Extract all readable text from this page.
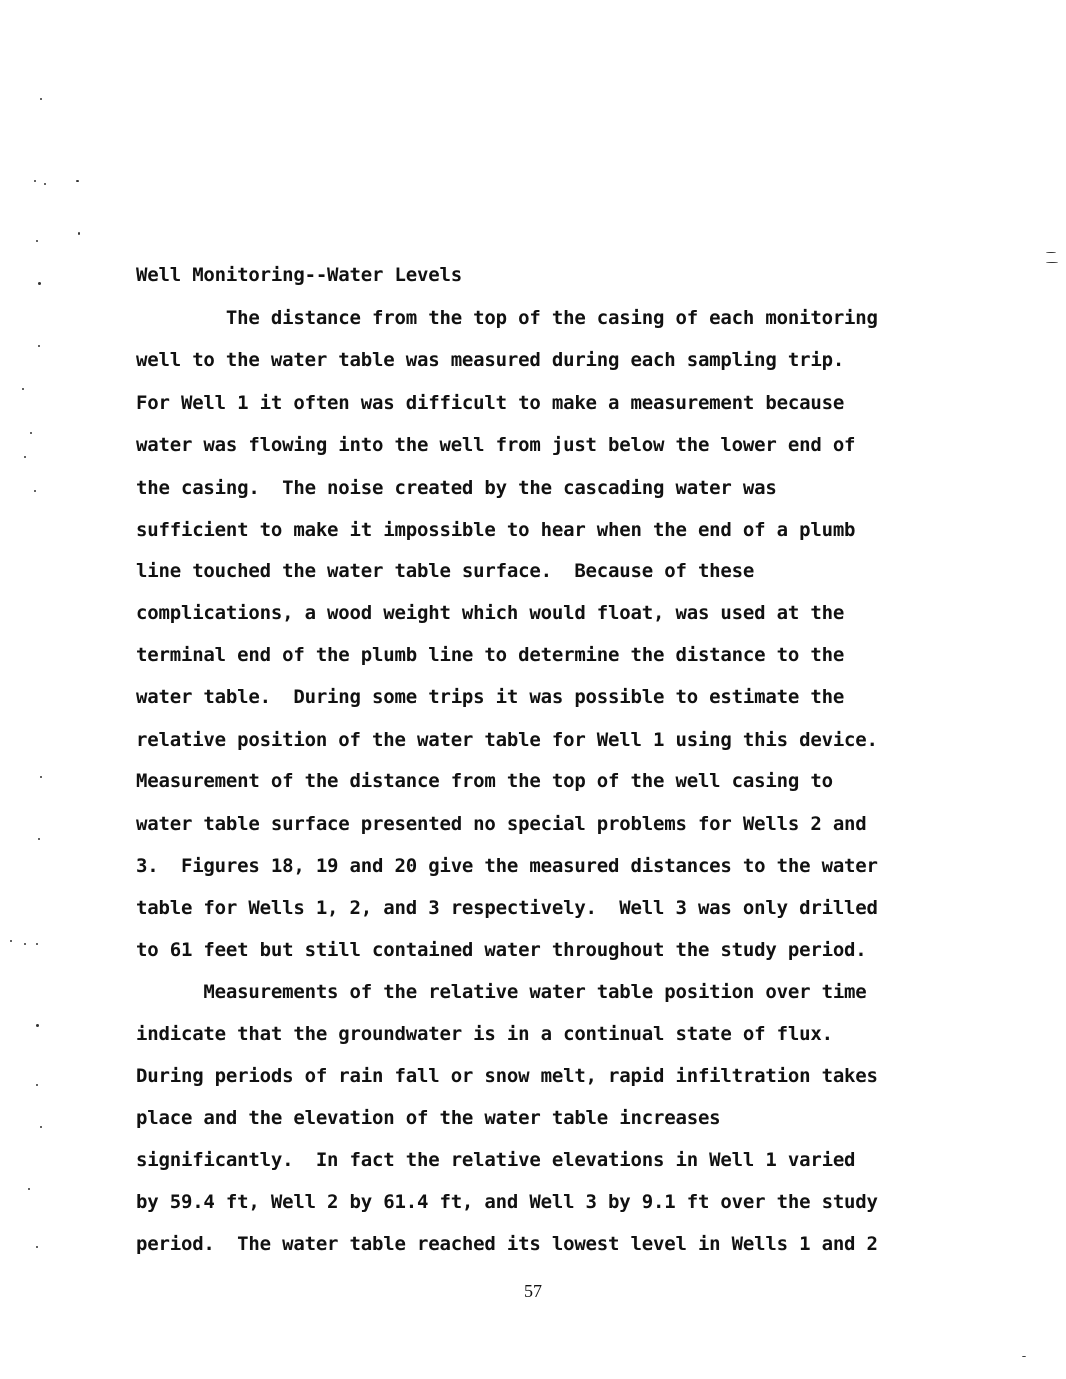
Well Monitoring--Water Levels
The distance from the top of the casing of each monitoring
well to the water table was measured during each sampling trip.
For Well 1 it often was difficult to make a measurement because
water was flowing into the well from just below the lower end of
the casing.  The noise created by the cascading water was
sufficient to make it impossible to hear when the end of a plumb
line touched the water table surface.  Because of these
complications, a wood weight which would float, was used at the
terminal end of the plumb line to determine the distance to the
water table.  During some trips it was possible to estimate the
relative position of the water table for Well 1 using this device.
Measurement of the distance from the top of the well casing to
water table surface presented no special problems for Wells 2 and
3.  Figures 18, 19 and 20 give the measured distances to the water
table for Wells 1, 2, and 3 respectively.  Well 3 was only drilled
to 61 feet but still contained water throughout the study period.
Measurements of the relative water table position over time
indicate that the groundwater is in a continual state of flux.
During periods of rain fall or snow melt, rapid infiltration takes
place and the elevation of the water table increases
significantly.  In fact the relative elevations in Well 1 varied
by 59.4 ft, Well 2 by 61.4 ft, and Well 3 by 9.1 ft over the study
period.  The water table reached its lowest level in Wells 1 and 2
57
